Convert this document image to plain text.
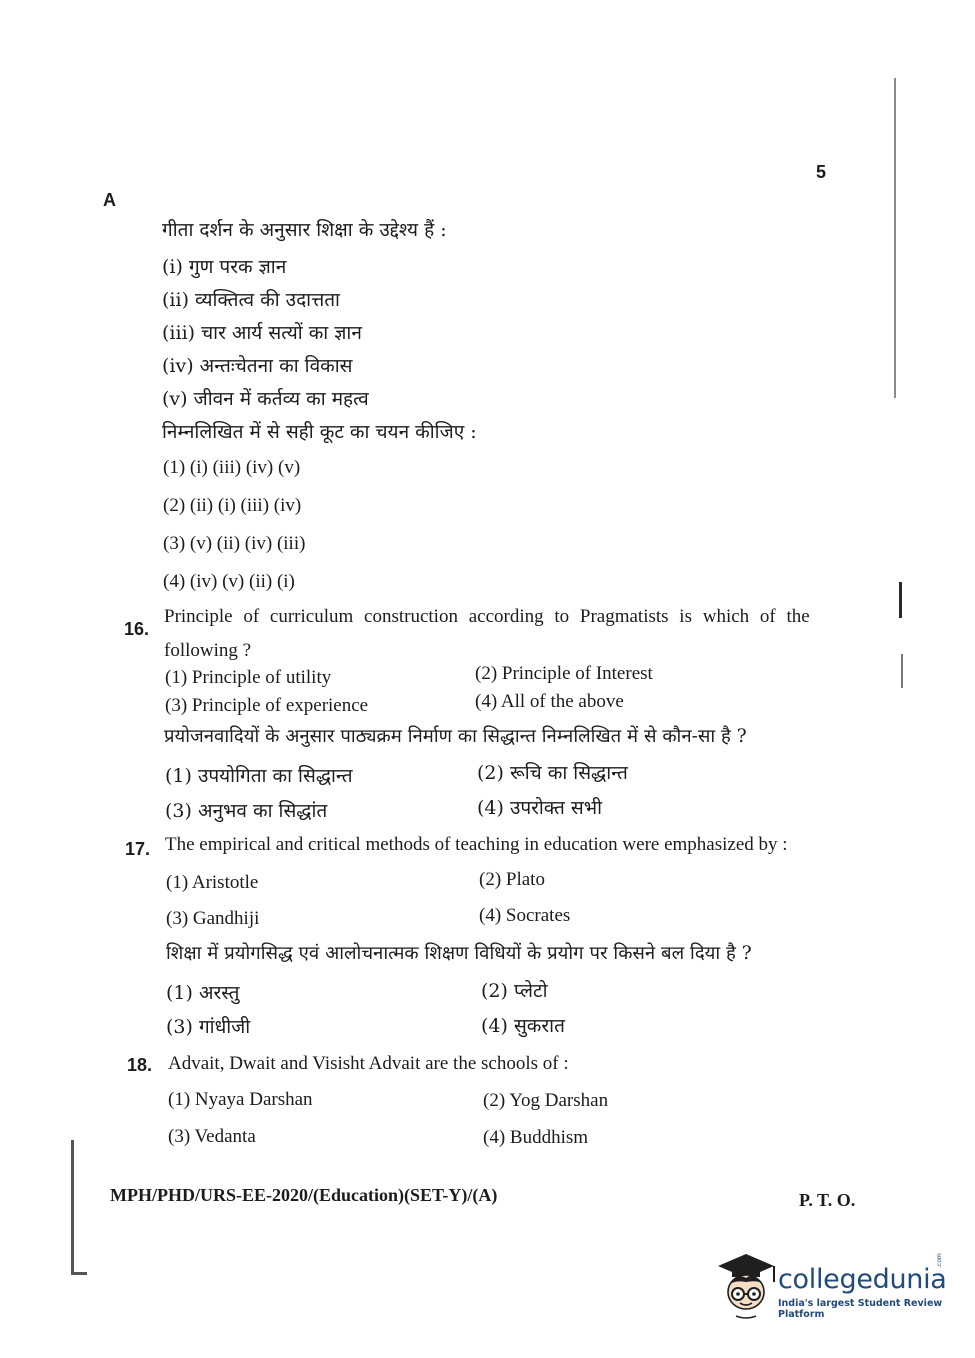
5
A
गीता दर्शन के अनुसार शिक्षा के उद्देश्य हैं :
(i) गुण परक ज्ञान
(ii) व्यक्तित्व की उदात्तता
(iii) चार आर्य सत्यों का ज्ञान
(iv) अन्तःचेतना का विकास
(v) जीवन में कर्तव्य का महत्व
निम्नलिखित में से सही कूट का चयन कीजिए :
(1) (i) (iii) (iv) (v)
(2) (ii) (i) (iii) (iv)
(3) (v) (ii) (iv) (iii)
(4) (iv) (v) (ii) (i)
16.
Principle of curriculum construction according to Pragmatists is which of the
following ?
(1) Principle of utility	(2) Principle of Interest
(3) Principle of experience	(4) All of the above
प्रयोजनवादियों के अनुसार पाठ्यक्रम निर्माण का सिद्धान्त निम्नलिखित में से कौन-सा है ?
(1) उपयोगिता का सिद्धान्त	(2) रूचि का सिद्धान्त
(3) अनुभव का सिद्धांत	(4) उपरोक्त सभी
17. The empirical and critical methods of teaching in education were emphasized by :
(1) Aristotle	(2) Plato
(3) Gandhiji	(4) Socrates
शिक्षा में प्रयोगसिद्ध एवं आलोचनात्मक शिक्षण विधियों के प्रयोग पर किसने बल दिया है ?
(1) अरस्तु	(2) प्लेटो
(3) गांधीजी	(4) सुकरात
18. Advait, Dwait and Visisht Advait are the schools of :
(1) Nyaya Darshan	(2) Yog Darshan
(3) Vedanta	(4) Buddhism
MPH/PHD/URS-EE-2020/(Education)(SET-Y)/(A)	P. T. O.
collegedunia
.com
India's largest Student Review Platform
